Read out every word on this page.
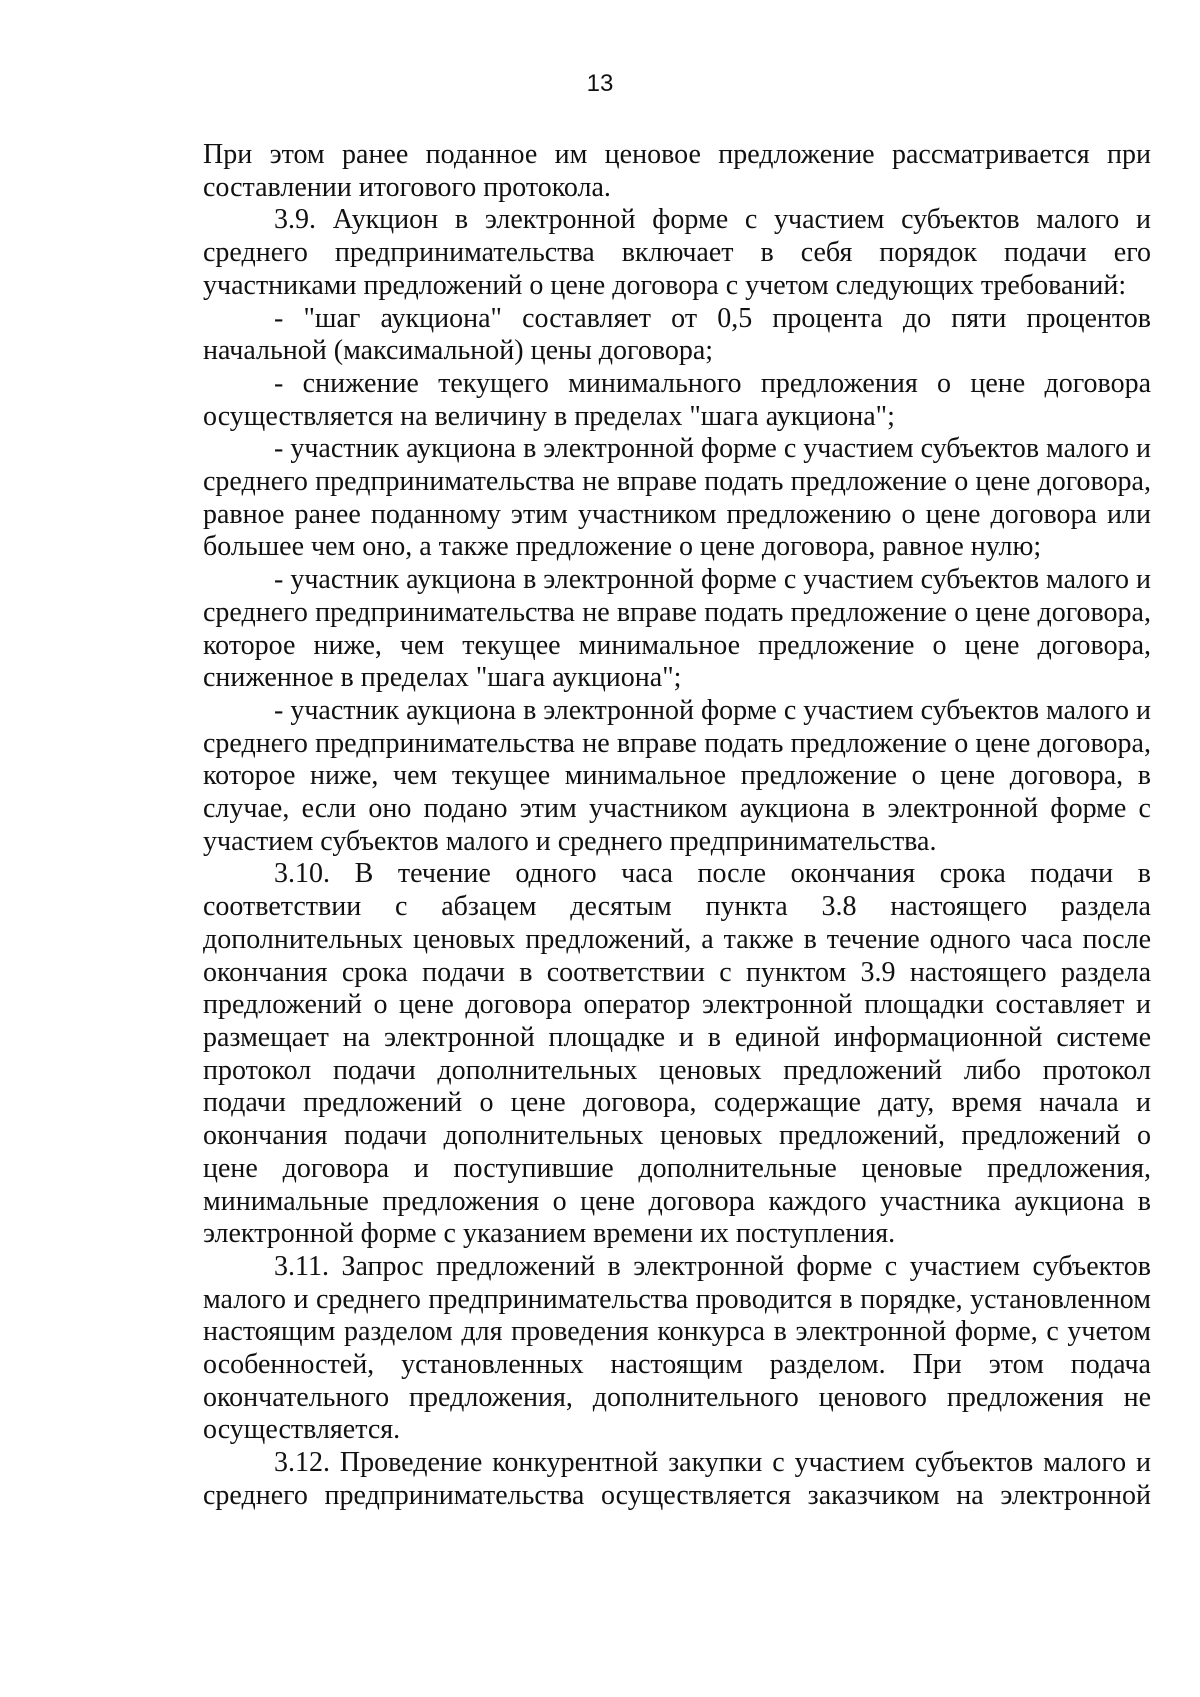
13

При этом ранее поданное им ценовое предложение рассматривается при составлении итогового протокола.

3.9. Аукцион в электронной форме с участием субъектов малого и среднего предпринимательства включает в себя порядок подачи его участниками предложений о цене договора с учетом следующих требований:

- "шаг аукциона" составляет от 0,5 процента до пяти процентов начальной (максимальной) цены договора;

- снижение текущего минимального предложения о цене договора осуществляется на величину в пределах "шага аукциона";

- участник аукциона в электронной форме с участием субъектов малого и среднего предпринимательства не вправе подать предложение о цене договора, равное ранее поданному этим участником предложению о цене договора или большее чем оно, а также предложение о цене договора, равное нулю;

- участник аукциона в электронной форме с участием субъектов малого и среднего предпринимательства не вправе подать предложение о цене договора, которое ниже, чем текущее минимальное предложение о цене договора, сниженное в пределах "шага аукциона";

- участник аукциона в электронной форме с участием субъектов малого и среднего предпринимательства не вправе подать предложение о цене договора, которое ниже, чем текущее минимальное предложение о цене договора, в случае, если оно подано этим участником аукциона в электронной форме с участием субъектов малого и среднего предпринимательства.

3.10. В течение одного часа после окончания срока подачи в соответствии с абзацем десятым пункта 3.8 настоящего раздела дополнительных ценовых предложений, а также в течение одного часа после окончания срока подачи в соответствии с пунктом 3.9 настоящего раздела предложений о цене договора оператор электронной площадки составляет и размещает на электронной площадке и в единой информационной системе протокол подачи дополнительных ценовых предложений либо протокол подачи предложений о цене договора, содержащие дату, время начала и окончания подачи дополнительных ценовых предложений, предложений о цене договора и поступившие дополнительные ценовые предложения, минимальные предложения о цене договора каждого участника аукциона в электронной форме с указанием времени их поступления.

3.11. Запрос предложений в электронной форме с участием субъектов малого и среднего предпринимательства проводится в порядке, установленном настоящим разделом для проведения конкурса в электронной форме, с учетом особенностей, установленных настоящим разделом. При этом подача окончательного предложения, дополнительного ценового предложения не осуществляется.

3.12. Проведение конкурентной закупки с участием субъектов малого и среднего предпринимательства осуществляется заказчиком на электронной
